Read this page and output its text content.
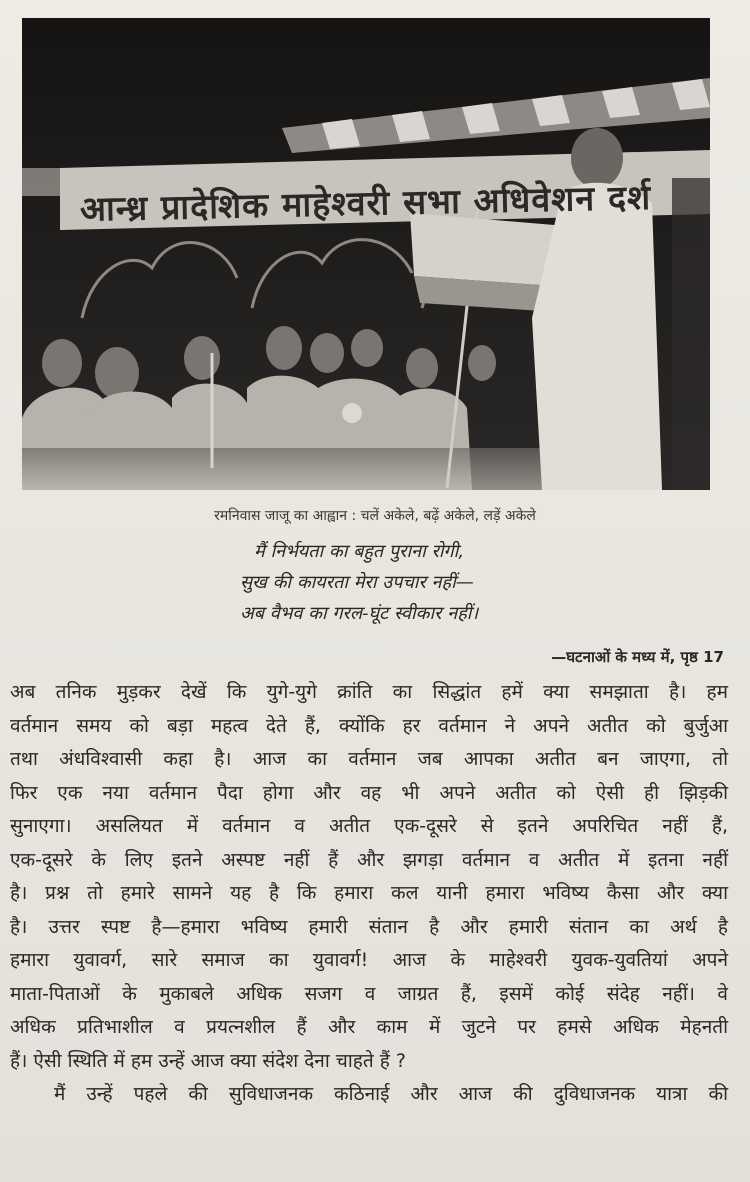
आन्ध्र प्रादेशिक माहेश्वरी सभा अधिवेशन दर्श
रमनिवास जाजू का आह्वान : चलें अकेले, बढ़ें अकेले, लड़ें अकेले
मैं निर्भयता का बहुत पुराना रोगी,
सुख की कायरता मेरा उपचार नहीं—
अब वैभव का गरल-घूंट स्वीकार नहीं।
—घटनाओं के मध्य में, पृष्ठ 17
अब तनिक मुड़कर देखें कि युगे-युगे क्रांति का सिद्धांत हमें क्या समझाता है। हम
वर्तमान समय को बड़ा महत्व देते हैं, क्योंकि हर वर्तमान ने अपने अतीत को बुर्जुआ
तथा अंधविश्वासी कहा है। आज का वर्तमान जब आपका अतीत बन जाएगा, तो
फिर एक नया वर्तमान पैदा होगा और वह भी अपने अतीत को ऐसी ही झिड़की
सुनाएगा। असलियत में वर्तमान व अतीत एक-दूसरे से इतने अपरिचित नहीं हैं,
एक-दूसरे के लिए इतने अस्पष्ट नहीं हैं और झगड़ा वर्तमान व अतीत में इतना नहीं
है। प्रश्न तो हमारे सामने यह है कि हमारा कल यानी हमारा भविष्य कैसा और क्या
है। उत्तर स्पष्ट है—हमारा भविष्य हमारी संतान है और हमारी संतान का अर्थ है
हमारा युवावर्ग, सारे समाज का युवावर्ग! आज के माहेश्वरी युवक-युवतियां अपने
माता-पिताओं के मुकाबले अधिक सजग व जाग्रत हैं, इसमें कोई संदेह नहीं। वे
अधिक प्रतिभाशील व प्रयत्नशील हैं और काम में जुटने पर हमसे अधिक मेहनती
हैं। ऐसी स्थिति में हम उन्हें आज क्या संदेश देना चाहते हैं ?
मैं उन्हें पहले की सुविधाजनक कठिनाई और आज की दुविधाजनक यात्रा की
